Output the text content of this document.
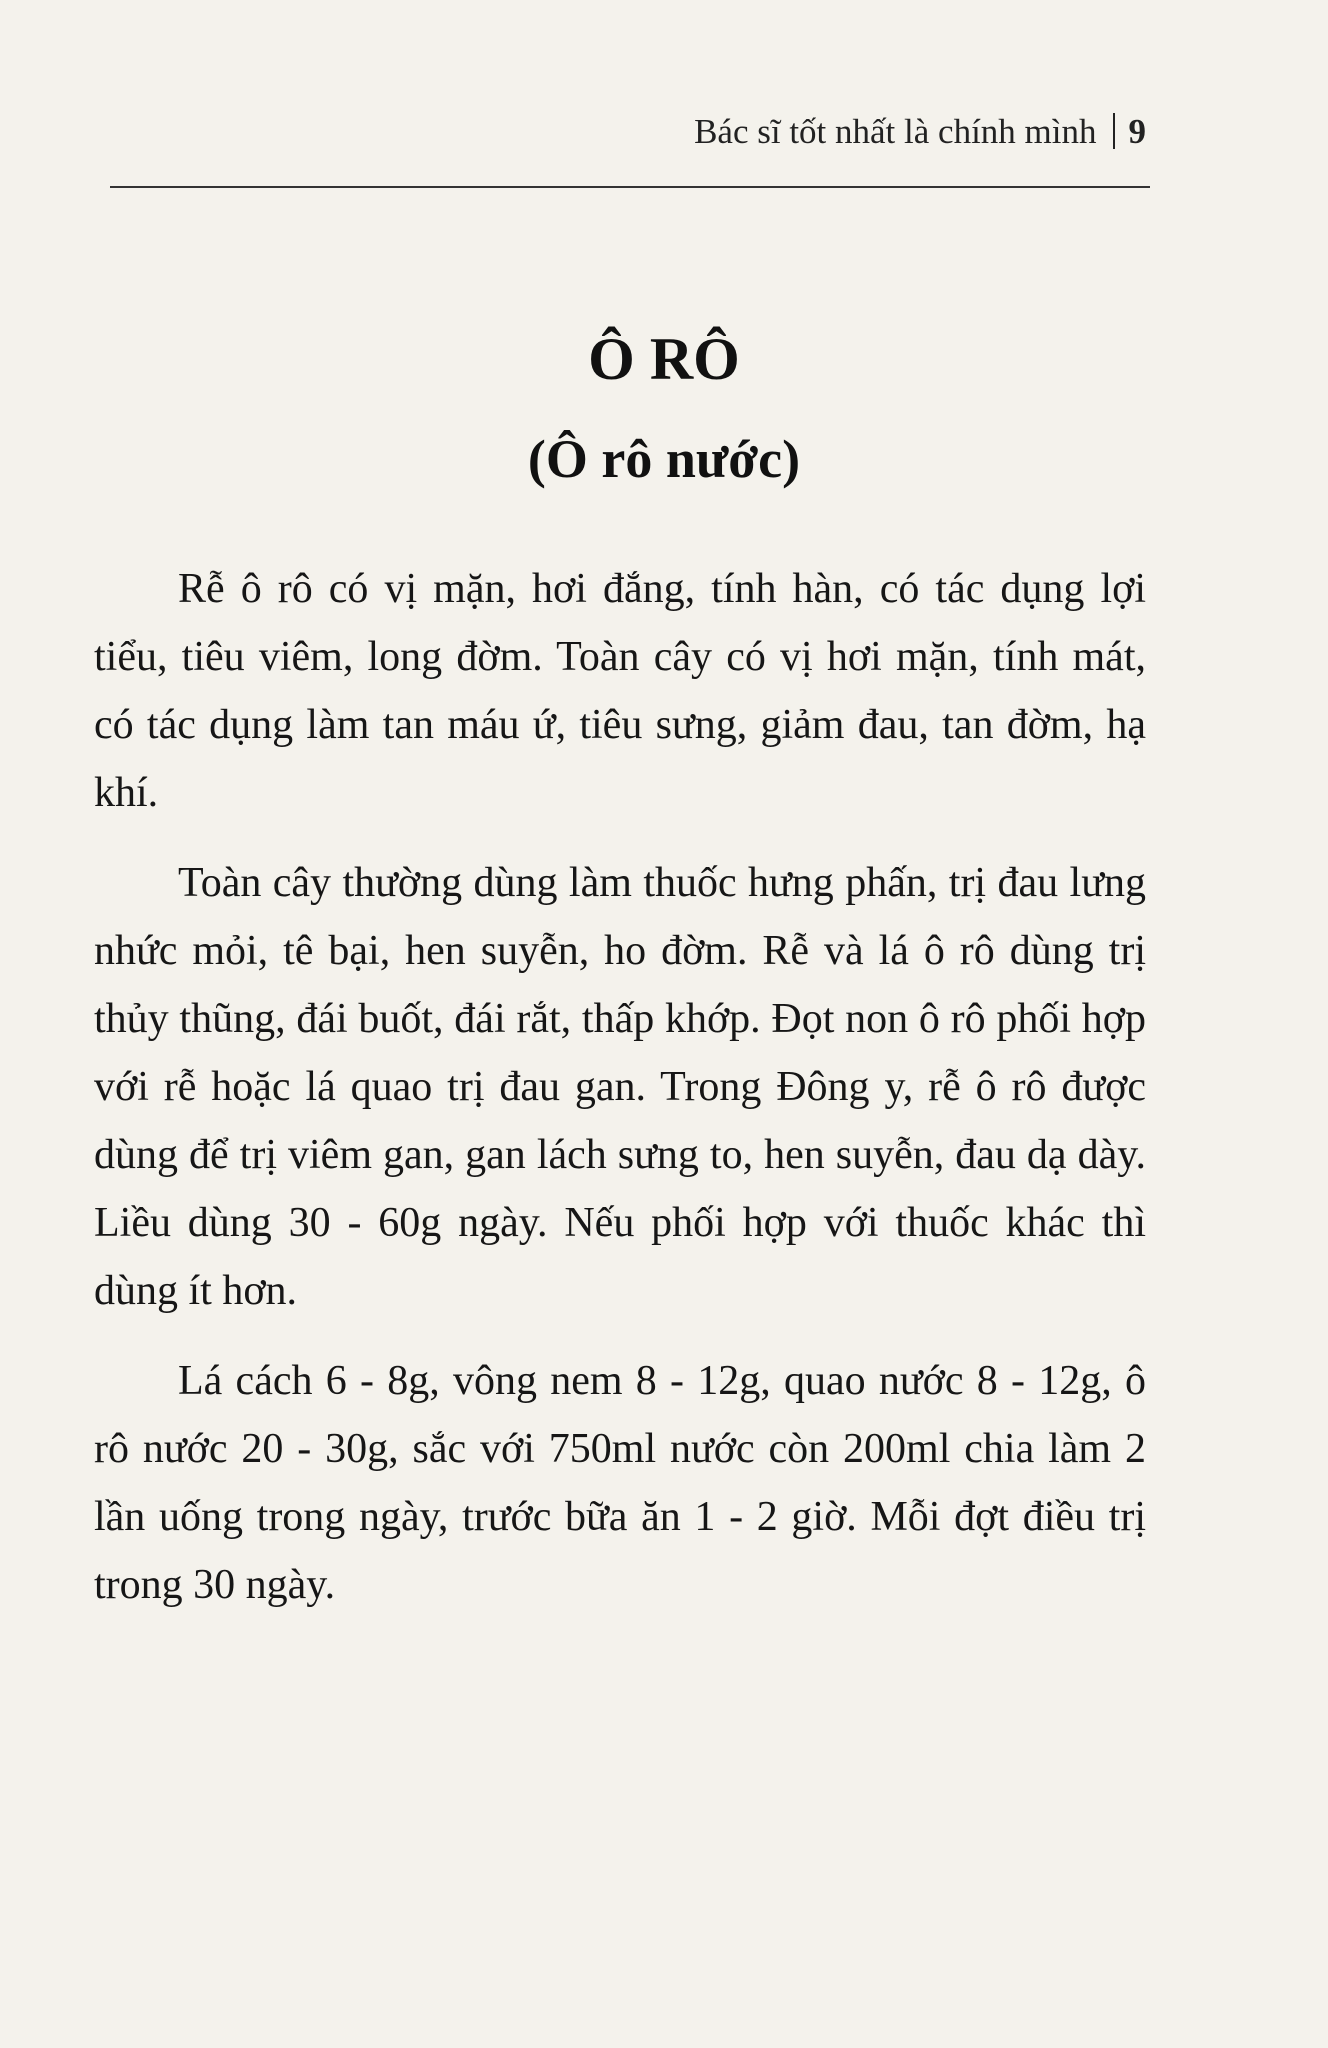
Bác sĩ tốt nhất là chính mình 9
Ô RÔ
(Ô rô nước)

Rễ ô rô có vị mặn, hơi đắng, tính hàn, có tác dụng lợi tiểu, tiêu viêm, long đờm. Toàn cây có vị hơi mặn, tính mát, có tác dụng làm tan máu ứ, tiêu sưng, giảm đau, tan đờm, hạ khí.

Toàn cây thường dùng làm thuốc hưng phấn, trị đau lưng nhức mỏi, tê bại, hen suyễn, ho đờm. Rễ và lá ô rô dùng trị thủy thũng, đái buốt, đái rắt, thấp khớp. Đọt non ô rô phối hợp với rễ hoặc lá quao trị đau gan. Trong Đông y, rễ ô rô được dùng để trị viêm gan, gan lách sưng to, hen suyễn, đau dạ dày. Liều dùng 30 - 60g ngày. Nếu phối hợp với thuốc khác thì dùng ít hơn.

Lá cách 6 - 8g, vông nem 8 - 12g, quao nước 8 - 12g, ô rô nước 20 - 30g, sắc với 750ml nước còn 200ml chia làm 2 lần uống trong ngày, trước bữa ăn 1 - 2 giờ. Mỗi đợt điều trị trong 30 ngày.
